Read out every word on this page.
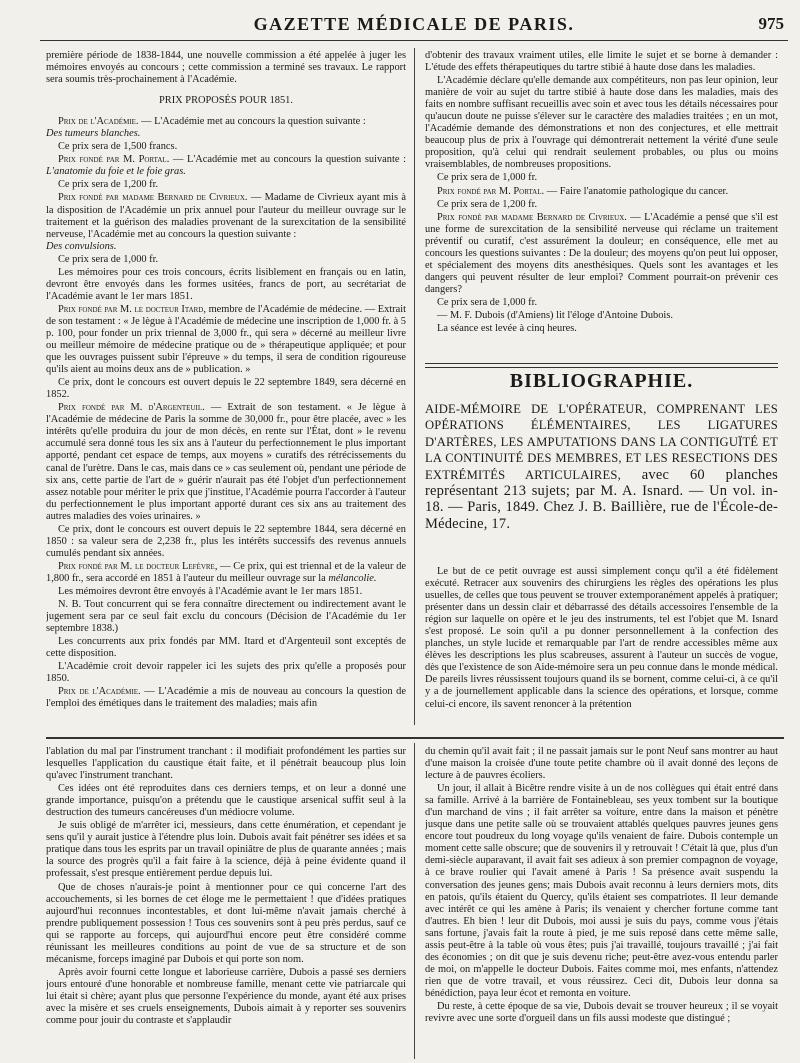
GAZETTE MÉDICALE DE PARIS.	975

première période de 1838-1844, une nouvelle commission a été appelée à juger les mémoires envoyés au concours ; cette commission a terminé ses travaux. Le rapport sera soumis très-prochainement à l'Académie.

PRIX PROPOSÉS POUR 1851.

Prix de l'Académie. — L'Académie met au concours la question suivante :
Des tumeurs blanches.

Ce prix sera de 1,500 francs.

Prix fondé par M. Portal. — L'Académie met au concours la question suivante : L'anatomie du foie et le foie gras.

Ce prix sera de 1,200 fr.

Prix fondé par madame Bernard de Civrieux. — Madame de Civrieux ayant mis à la disposition de l'Académie un prix annuel pour l'auteur du meilleur ouvrage sur le traitement et la guérison des maladies provenant de la surexcitation de la sensibilité nerveuse, l'Académie met au concours la question suivante :
Des convulsions.

Ce prix sera de 1,000 fr.

Les mémoires pour ces trois concours, écrits lisiblement en français ou en latin, devront être envoyés dans les formes usitées, francs de port, au secrétariat de l'Académie avant le 1er mars 1851.

Prix fondé par M. le docteur Itard, membre de l'Académie de médecine. — Extrait de son testament : « Je lègue à l'Académie de médecine une inscription de 1,000 fr. à 5 p. 100, pour fonder un prix triennal de 3,000 fr., qui sera » décerné au meilleur livre ou meilleur mémoire de médecine pratique ou de » thérapeutique appliquée; et pour que les ouvrages puissent subir l'épreuve » du temps, il sera de condition rigoureuse qu'ils aient au moins deux ans de » publication. »

Ce prix, dont le concours est ouvert depuis le 22 septembre 1849, sera décerné en 1852.

Prix fondé par M. d'Argenteuil. — Extrait de son testament. « Je lègue à l'Académie de médecine de Paris la somme de 30,000 fr., pour être placée, avec » les intérêts qu'elle produira du jour de mon décès, en rente sur l'État, dont » le revenu accumulé sera donné tous les six ans à l'auteur du perfectionnement le plus important apporté, pendant cet espace de temps, aux moyens » curatifs des rétrécissements du canal de l'urètre. Dans le cas, mais dans ce » cas seulement où, pendant une période de six ans, cette partie de l'art de » guérir n'aurait pas été l'objet d'un perfectionnement assez notable pour mériter le prix que j'institue, l'Académie pourra l'accorder à l'auteur du perfectionnement le plus important apporté durant ces six ans au traitement des autres maladies des voies urinaires. »

Ce prix, dont le concours est ouvert depuis le 22 septembre 1844, sera décerné en 1850 : sa valeur sera de 2,238 fr., plus les intérêts successifs des revenus annuels cumulés pendant six années.

Prix fondé par M. le docteur Lefèvre, — Ce prix, qui est triennal et de la valeur de 1,800 fr., sera accordé en 1851 à l'auteur du meilleur ouvrage sur la mélancolie.

Les mémoires devront être envoyés à l'Académie avant le 1er mars 1851.

N. B. Tout concurrent qui se fera connaître directement ou indirectement avant le jugement sera par ce seul fait exclu du concours (Décision de l'Académie du 1er septembre 1838.)

Les concurrents aux prix fondés par MM. Itard et d'Argenteuil sont exceptés de cette disposition.

L'Académie croit devoir rappeler ici les sujets des prix qu'elle a proposés pour 1850.

Prix de l'Académie. — L'Académie a mis de nouveau au concours la question de l'emploi des émétiques dans le traitement des maladies; mais afin

d'obtenir des travaux vraiment utiles, elle limite le sujet et se borne à demander : L'étude des effets thérapeutiques du tartre stibié à haute dose dans les maladies.

L'Académie déclare qu'elle demande aux compétiteurs, non pas leur opinion, leur manière de voir au sujet du tartre stibié à haute dose dans les maladies, mais des faits en nombre suffisant recueillis avec soin et avec tous les détails nécessaires pour qu'aucun doute ne puisse s'élever sur le caractère des maladies traitées ; en un mot, l'Académie demande des démonstrations et non des conjectures, et elle mettrait beaucoup plus de prix à l'ouvrage qui démontrerait nettement la vérité d'une seule proposition, qu'à celui qui rendrait seulement probables, ou plus ou moins vraisemblables, de nombreuses propositions.

Ce prix sera de 1,000 fr.

Prix fondé par M. Portal. — Faire l'anatomie pathologique du cancer.

Ce prix sera de 1,200 fr.

Prix fondé par madame Bernard de Civrieux. — L'Académie a pensé que s'il est une forme de surexcitation de la sensibilité nerveuse qui réclame un traitement préventif ou curatif, c'est assurément la douleur; en conséquence, elle met au concours les questions suivantes : De la douleur; des moyens qu'on peut lui opposer, et spécialement des moyens dits anesthésiques. Quels sont les avantages et les dangers qui peuvent résulter de leur emploi? Comment pourrait-on prévenir ces dangers?

Ce prix sera de 1,000 fr.

— M. F. Dubois (d'Amiens) lit l'éloge d'Antoine Dubois.

La séance est levée à cinq heures.

BIBLIOGRAPHIE.
AIDE-MÉMOIRE DE L'OPÉRATEUR, COMPRENANT LES OPÉRATIONS ÉLÉMENTAIRES, LES LIGATURES D'ARTÈRES, LES AMPUTATIONS DANS LA CONTIGUÏTÉ ET LA CONTINUITÉ DES MEMBRES, ET LES RESECTIONS DES EXTRÉMITÉS ARTICULAIRES, avec 60 planches représentant 213 sujets; par M. A. Isnard. — Un vol. in-18. — Paris, 1849. Chez J. B. Baillière, rue de l'École-de-Médecine, 17.

Le but de ce petit ouvrage est aussi simplement conçu qu'il a été fidèlement exécuté. Retracer aux souvenirs des chirurgiens les règles des opérations les plus usuelles, de celles que tous peuvent se trouver extemporanément appelés à pratiquer; présenter dans un dessin clair et débarrassé des détails accessoires l'ensemble de la région sur laquelle on opère et le jeu des instruments, tel est l'objet que M. Isnard s'est proposé. Le soin qu'il a pu donner personnellement à la confection des planches, un style lucide et remarquable par l'art de rendre accessibles même aux élèves les descriptions les plus scabreuses, assurent à l'auteur un succès de vogue, dès que l'existence de son Aide-mémoire sera un peu connue dans le monde médical. De pareils livres réussissent toujours quand ils se bornent, comme celui-ci, à ce qu'il y a de journellement applicable dans la science des opérations, et lorsque, comme celui-ci encore, ils savent renoncer à la prétention

l'ablation du mal par l'instrument tranchant : il modifiait profondément les parties sur lesquelles l'application du caustique était faite, et il pénétrait beaucoup plus loin qu'avec l'instrument tranchant.

Ces idées ont été reproduites dans ces derniers temps, et on leur a donné une grande importance, puisqu'on a prétendu que le caustique arsenical suffit seul à la destruction des tumeurs cancéreuses d'un médiocre volume.

Je suis obligé de m'arrêter ici, messieurs, dans cette énumération, et cependant je sens qu'il y aurait justice à l'étendre plus loin. Dubois avait fait pénétrer ses idées et sa pratique dans tous les esprits par un travail opiniâtre de plus de quarante années ; mais la source des progrès qu'il a fait faire à la science, déjà à peine évidente quand il professait, s'est presque entièrement perdue depuis lui.

Que de choses n'aurais-je point à mentionner pour ce qui concerne l'art des accouchements, si les bornes de cet éloge me le permettaient ! que d'idées pratiques aujourd'hui reconnues incontestables, et dont lui-même n'avait jamais cherché à prendre publiquement possession ! Tous ces souvenirs sont à peu près perdus, sauf ce qui se rapporte au forceps, qui aujourd'hui encore peut être considéré comme réunissant les meilleures conditions au point de vue de sa structure et de son mécanisme, forceps imaginé par Dubois et qui porte son nom.

Après avoir fourni cette longue et laborieuse carrière, Dubois a passé ses derniers jours entouré d'une honorable et nombreuse famille, menant cette vie patriarcale qui lui était si chère; ayant plus que personne l'expérience du monde, ayant été aux prises avec la misère et ses cruels enseignements, Dubois aimait à y reporter ses souvenirs comme pour jouir du contraste et s'applaudir

du chemin qu'il avait fait ; il ne passait jamais sur le pont Neuf sans montrer au haut d'une maison la croisée d'une toute petite chambre où il avait donné des leçons de lecture à de pauvres écoliers.

Un jour, il allait à Bicêtre rendre visite à un de nos collègues qui était entré dans sa famille. Arrivé à la barrière de Fontainebleau, ses yeux tombent sur la boutique d'un marchand de vins ; il fait arrêter sa voiture, entre dans la maison et pénètre jusque dans une petite salle où se trouvaient attablés quelques pauvres jeunes gens encore tout poudreux du long voyage qu'ils venaient de faire. Dubois contemple un moment cette salle obscure; que de souvenirs il y retrouvait ! C'était là que, plus d'un demi-siècle auparavant, il avait fait ses adieux à son premier compagnon de voyage, à ce brave roulier qui l'avait amené à Paris ! Sa présence avait suspendu la conversation des jeunes gens; mais Dubois avait reconnu à leurs derniers mots, dits en patois, qu'ils étaient du Quercy, qu'ils étaient ses compatriotes. Il leur demande avec intérêt ce qui les amène à Paris; ils venaient y chercher fortune comme tant d'autres. Eh bien ! leur dit Dubois, moi aussi je suis du pays, comme vous j'étais sans fortune, j'avais fait la route à pied, je me suis reposé dans cette même salle, assis peut-être à la table où vous êtes; puis j'ai travaillé, toujours travaillé ; j'ai fait des économies ; on dit que je suis devenu riche; peut-être avez-vous entendu parler de moi, on m'appelle le docteur Dubois. Faites comme moi, mes enfants, n'attendez rien que de votre travail, et vous réussirez. Ceci dit, Dubois leur donna sa bénédiction, paya leur écot et remonta en voiture.

Du reste, à cette époque de sa vie, Dubois devait se trouver heureux ; il se voyait revivre avec une sorte d'orgueil dans un fils aussi modeste que distingué ;
